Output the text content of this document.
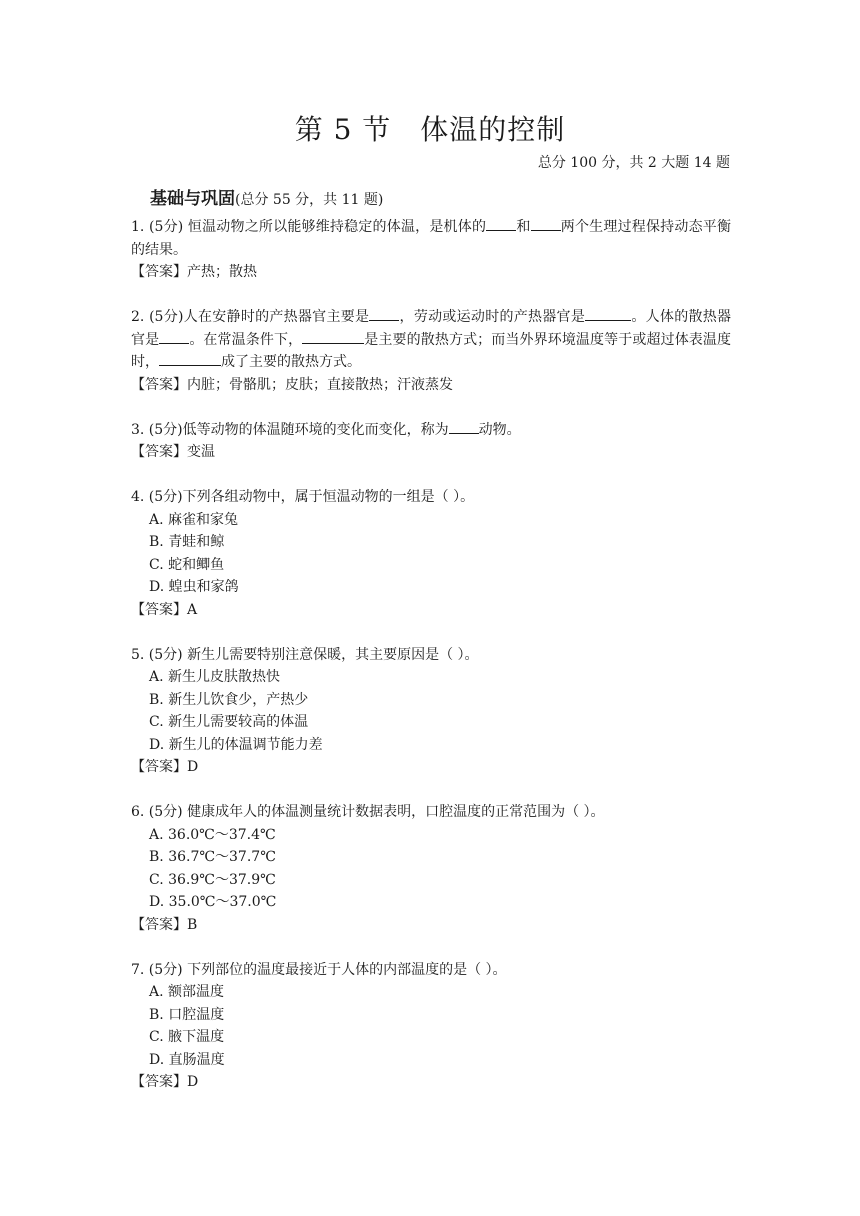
第 5 节　体温的控制
总分 100 分，共 2 大题 14 题
基础与巩固(总分 55 分，共 11 题)
1. (5分) 恒温动物之所以能够维持稳定的体温，是机体的 和 两个生理过程保持动态平衡的结果。
【答案】产热；散热
2. (5分)人在安静时的产热器官主要是 ，劳动或运动时的产热器官是	。人体的散热器官是 。在常温条件下，	是主要的散热方式；而当外界环境温度等于或超过体表温度时，	成了主要的散热方式。
【答案】内脏；骨骼肌；皮肤；直接散热；汗液蒸发
3. (5分)低等动物的体温随环境的变化而变化，称为 动物。
【答案】变温
4. (5分)下列各组动物中，属于恒温动物的一组是（ ）。
A. 麻雀和家兔
B. 青蛙和鲸
C. 蛇和鲫鱼
D. 蝗虫和家鸽
【答案】A
5. (5分) 新生儿需要特别注意保暖，其主要原因是（ ）。
A. 新生儿皮肤散热快
B. 新生儿饮食少，产热少
C. 新生儿需要较高的体温
D. 新生儿的体温调节能力差
【答案】D
6. (5分) 健康成年人的体温测量统计数据表明，口腔温度的正常范围为（ ）。
A. 36.0℃～37.4℃
B. 36.7℃～37.7℃
C. 36.9℃～37.9℃
D. 35.0℃～37.0℃
【答案】B
7. (5分) 下列部位的温度最接近于人体的内部温度的是（ ）。
A. 额部温度
B. 口腔温度
C. 腋下温度
D. 直肠温度
【答案】D
